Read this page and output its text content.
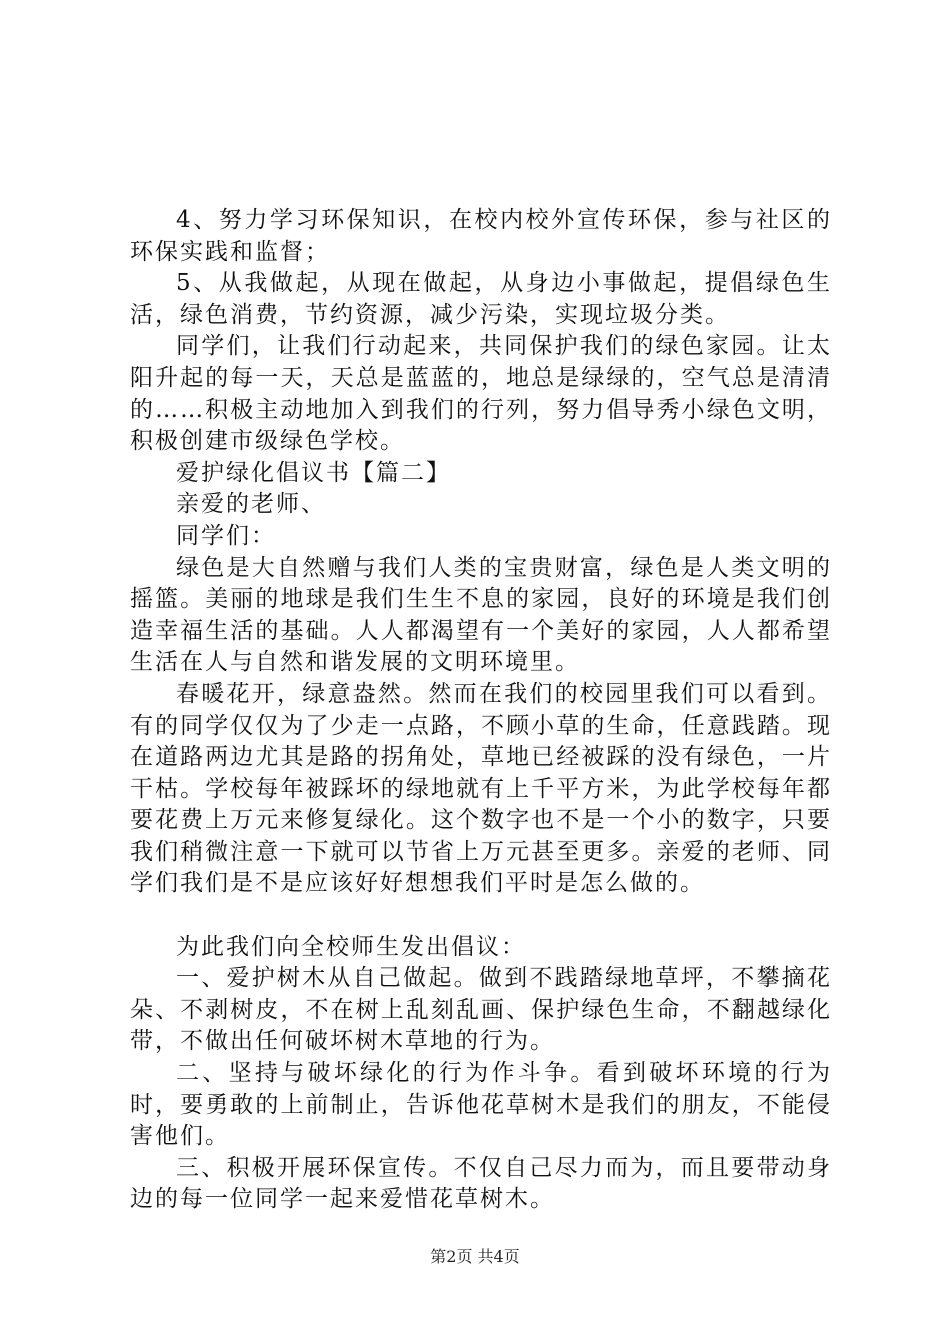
4、努力学习环保知识，在校内校外宣传环保，参与社区的环保实践和监督；

5、从我做起，从现在做起，从身边小事做起，提倡绿色生活，绿色消费，节约资源，减少污染，实现垃圾分类。

同学们，让我们行动起来，共同保护我们的绿色家园。让太阳升起的每一天，天总是蓝蓝的，地总是绿绿的，空气总是清清的……积极主动地加入到我们的行列，努力倡导秀小绿色文明，积极创建市级绿色学校。

爱护绿化倡议书【篇二】

亲爱的老师、

同学们：

绿色是大自然赠与我们人类的宝贵财富，绿色是人类文明的摇篮。美丽的地球是我们生生不息的家园，良好的环境是我们创造幸福生活的基础。人人都渴望有一个美好的家园，人人都希望生活在人与自然和谐发展的文明环境里。

春暖花开，绿意盎然。然而在我们的校园里我们可以看到。有的同学仅仅为了少走一点路，不顾小草的生命，任意践踏。现在道路两边尤其是路的拐角处，草地已经被踩的没有绿色，一片干枯。学校每年被踩坏的绿地就有上千平方米，为此学校每年都要花费上万元来修复绿化。这个数字也不是一个小的数字，只要我们稍微注意一下就可以节省上万元甚至更多。亲爱的老师、同学们我们是不是应该好好想想我们平时是怎么做的。

为此我们向全校师生发出倡议：

一、爱护树木从自己做起。做到不践踏绿地草坪，不攀摘花朵、不剥树皮，不在树上乱刻乱画、保护绿色生命，不翻越绿化带，不做出任何破坏树木草地的行为。

二、坚持与破坏绿化的行为作斗争。看到破坏环境的行为时，要勇敢的上前制止，告诉他花草树木是我们的朋友，不能侵害他们。

三、积极开展环保宣传。不仅自己尽力而为，而且要带动身边的每一位同学一起来爱惜花草树木。

第2页 共4页
